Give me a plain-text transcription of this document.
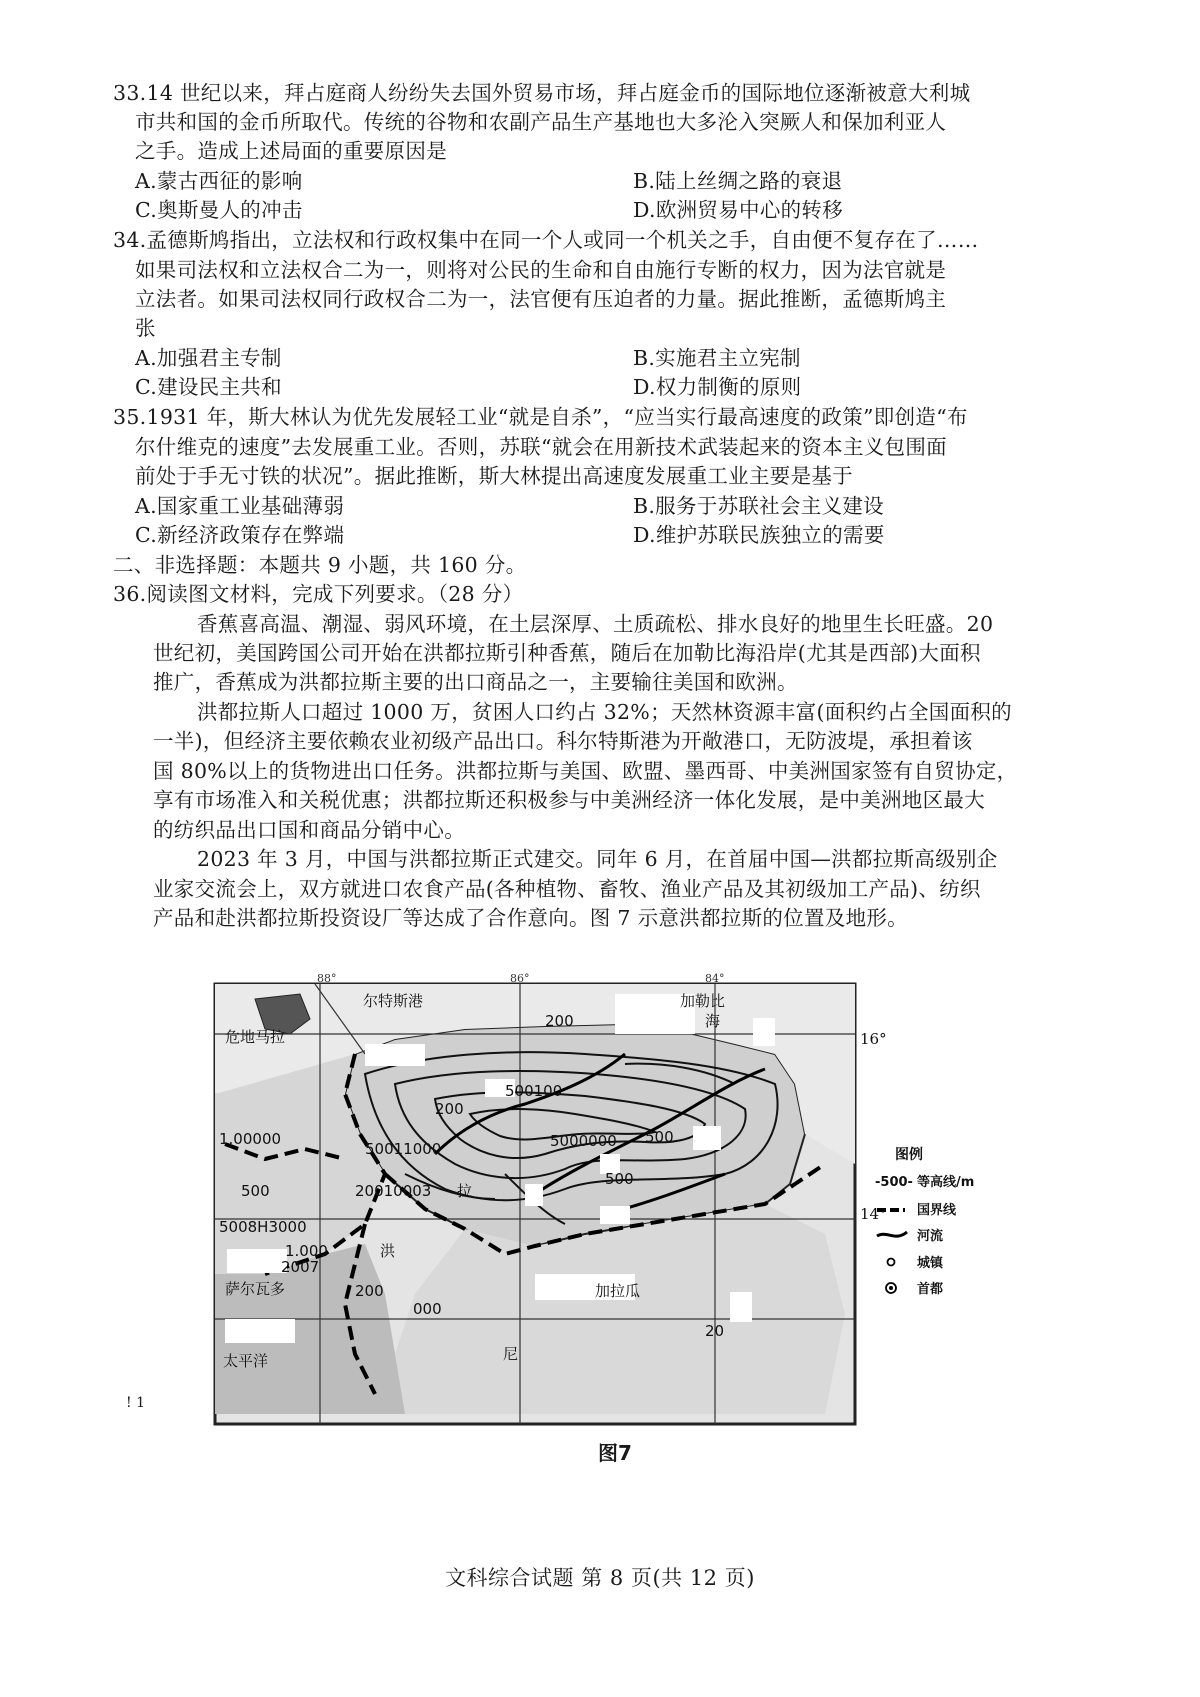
33.14 世纪以来，拜占庭商人纷纷失去国外贸易市场，拜占庭金币的国际地位逐渐被意大利城
市共和国的金币所取代。传统的谷物和农副产品生产基地也大多沦入突厥人和保加利亚人
之手。造成上述局面的重要原因是
A.蒙古西征的影响	B.陆上丝绸之路的衰退
C.奥斯曼人的冲击	D.欧洲贸易中心的转移
34.孟德斯鸠指出，立法权和行政权集中在同一个人或同一个机关之手，自由便不复存在了……
如果司法权和立法权合二为一，则将对公民的生命和自由施行专断的权力，因为法官就是
立法者。如果司法权同行政权合二为一，法官便有压迫者的力量。据此推断，孟德斯鸠主
张
A.加强君主专制	B.实施君主立宪制
C.建设民主共和	D.权力制衡的原则
35.1931 年，斯大林认为优先发展轻工业“就是自杀”，“应当实行最高速度的政策”即创造“布
尔什维克的速度”去发展重工业。否则，苏联“就会在用新技术武装起来的资本主义包围面
前处于手无寸铁的状况”。据此推断，斯大林提出高速度发展重工业主要是基于
A.国家重工业基础薄弱	B.服务于苏联社会主义建设
C.新经济政策存在弊端	D.维护苏联民族独立的需要
二、非选择题：本题共 9 小题，共 160 分。
36.阅读图文材料，完成下列要求。（28 分）
香蕉喜高温、潮湿、弱风环境，在土层深厚、土质疏松、排水良好的地里生长旺盛。20
世纪初，美国跨国公司开始在洪都拉斯引种香蕉，随后在加勒比海沿岸(尤其是西部)大面积
推广，香蕉成为洪都拉斯主要的出口商品之一，主要输往美国和欧洲。
洪都拉斯人口超过 1000 万，贫困人口约占 32%；天然林资源丰富(面积约占全国面积的
一半)，但经济主要依赖农业初级产品出口。科尔特斯港为开敞港口，无防波堤，承担着该
国 80%以上的货物进出口任务。洪都拉斯与美国、欧盟、墨西哥、中美洲国家签有自贸协定，
享有市场准入和关税优惠；洪都拉斯还积极参与中美洲经济一体化发展，是中美洲地区最大
的纺织品出口国和商品分销中心。
2023 年 3 月，中国与洪都拉斯正式建交。同年 6 月，在首届中国—洪都拉斯高级别企
业家交流会上，双方就进口农食产品(各种植物、畜牧、渔业产品及其初级加工产品)、纺织
产品和赴洪都拉斯投资设厂等达成了合作意向。图 7 示意洪都拉斯的位置及地形。
88°	86°	84°
16°
14°
尔特斯港
危地马拉
加勒比
海
200
1.00000
500
5008H3000
1.000
2007
萨尔瓦多	200
000
加拉瓜
尼
太平洋
20
拉
洪
20010003
50011000
200
5000000
500
500
500100
图例
-500- 等高线/m
国界线
河流
城镇
首都
! 1
图7
文科综合试题 第 8 页(共 12 页)
